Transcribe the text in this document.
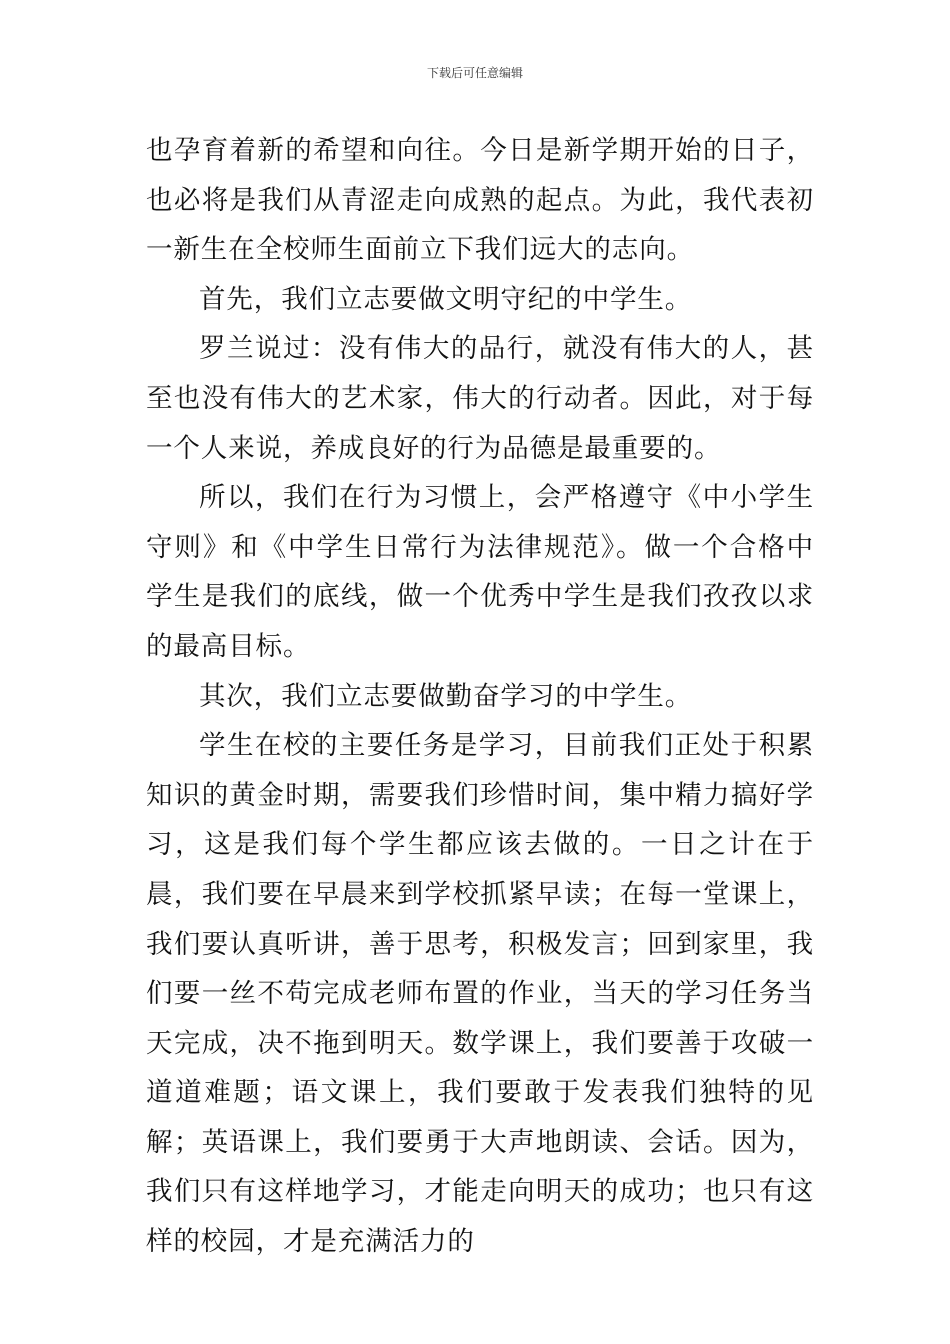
下载后可任意编辑

也孕育着新的希望和向往。今日是新学期开始的日子，也必将是我们从青涩走向成熟的起点。为此，我代表初一新生在全校师生面前立下我们远大的志向。

首先，我们立志要做文明守纪的中学生。

罗兰说过：没有伟大的品行，就没有伟大的人，甚至也没有伟大的艺术家，伟大的行动者。因此，对于每一个人来说，养成良好的行为品德是最重要的。

所以，我们在行为习惯上，会严格遵守《中小学生守则》和《中学生日常行为法律规范》。做一个合格中学生是我们的底线，做一个优秀中学生是我们孜孜以求的最高目标。

其次，我们立志要做勤奋学习的中学生。

学生在校的主要任务是学习，目前我们正处于积累知识的黄金时期，需要我们珍惜时间，集中精力搞好学习，这是我们每个学生都应该去做的。一日之计在于晨，我们要在早晨来到学校抓紧早读；在每一堂课上，我们要认真听讲，善于思考，积极发言；回到家里，我们要一丝不苟完成老师布置的作业，当天的学习任务当天完成，决不拖到明天。数学课上，我们要善于攻破一道道难题；语文课上，我们要敢于发表我们独特的见解；英语课上，我们要勇于大声地朗读、会话。因为，我们只有这样地学习，才能走向明天的成功；也只有这样的校园，才是充满活力的
